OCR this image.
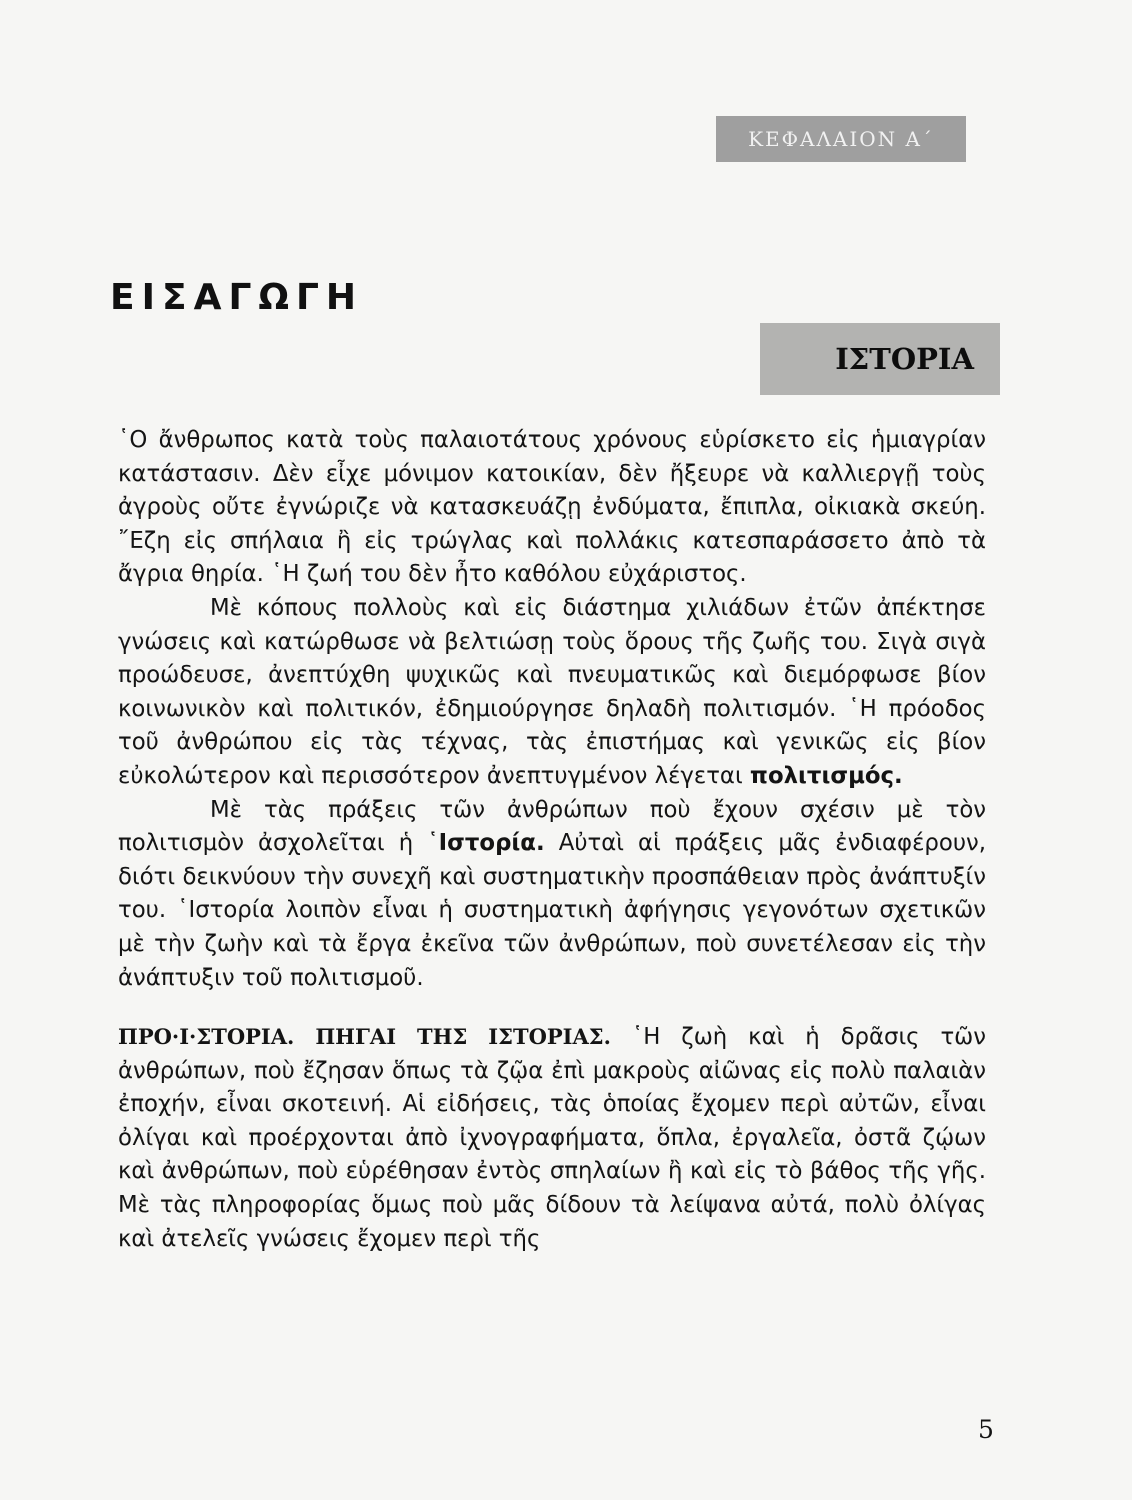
ΚΕΦΑΛΑΙΟΝ Α΄
ΕΙΣΑΓΩΓΗ
ΙΣΤΟΡΙΑ

῾Ο ἄνθρωπος κατὰ τοὺς παλαιοτάτους χρόνους εὑρίσκετο εἰς ἡμιαγρίαν κατάστασιν. Δὲν εἶχε μόνιμον κατοικίαν, δὲν ἤξευρε νὰ καλλιεργῇ τοὺς ἀγροὺς οὔτε ἐγνώριζε νὰ κατασκευάζῃ ἐνδύματα, ἔπιπλα, οἰκιακὰ σκεύη. ῎Εζη εἰς σπήλαια ἢ εἰς τρώγλας καὶ πολλάκις κατεσπαράσσετο ἀπὸ τὰ ἄγρια θηρία. ῾Η ζωή του δὲν ἦτο καθόλου εὐχάριστος.

Μὲ κόπους πολλοὺς καὶ εἰς διάστημα χιλιάδων ἐτῶν ἀπέκτησε γνώσεις καὶ κατώρθωσε νὰ βελτιώσῃ τοὺς ὅρους τῆς ζωῆς του. Σιγὰ σιγὰ προώδευσε, ἀνεπτύχθη ψυχικῶς καὶ πνευματικῶς καὶ διεμόρφωσε βίον κοινωνικὸν καὶ πολιτικόν, ἐδημιούργησε δηλαδὴ πολιτισμόν. ῾Η πρόοδος τοῦ ἀνθρώπου εἰς τὰς τέχνας, τὰς ἐπιστήμας καὶ γενικῶς εἰς βίον εὐκολώτερον καὶ περισσότερον ἀνεπτυγμένον λέγεται πολιτισμός.

Μὲ τὰς πράξεις τῶν ἀνθρώπων ποὺ ἔχουν σχέσιν μὲ τὸν πολιτισμὸν ἀσχολεῖται ἡ ῾Ιστορία. Αὐταὶ αἱ πράξεις μᾶς ἐνδιαφέρουν, διότι δεικνύουν τὴν συνεχῆ καὶ συστηματικὴν προσπάθειαν πρὸς ἀνάπτυξίν του. ῾Ιστορία λοιπὸν εἶναι ἡ συστηματικὴ ἀφήγησις γεγονότων σχετικῶν μὲ τὴν ζωὴν καὶ τὰ ἔργα ἐκεῖνα τῶν ἀνθρώπων, ποὺ συνετέλεσαν εἰς τὴν ἀνάπτυξιν τοῦ πολιτισμοῦ.

ΠΡΟ·Ι·ΣΤΟΡΙΑ. ΠΗΓΑΙ ΤΗΣ ΙΣΤΟΡΙΑΣ. ῾Η ζωὴ καὶ ἡ δρᾶσις τῶν ἀνθρώπων, ποὺ ἔζησαν ὅπως τὰ ζῷα ἐπὶ μακροὺς αἰῶνας εἰς πολὺ παλαιὰν ἐποχήν, εἶναι σκοτεινή. Αἱ εἰδήσεις, τὰς ὁποίας ἔχομεν περὶ αὐτῶν, εἶναι ὀλίγαι καὶ προέρχονται ἀπὸ ἰχνογραφήματα, ὅπλα, ἐργαλεῖα, ὀστᾶ ζῴων καὶ ἀνθρώπων, ποὺ εὑρέθησαν ἐντὸς σπηλαίων ἢ καὶ εἰς τὸ βάθος τῆς γῆς. Μὲ τὰς πληροφορίας ὅμως ποὺ μᾶς δίδουν τὰ λείψανα αὐτά, πολὺ ὀλίγας καὶ ἀτελεῖς γνώσεις ἔχομεν περὶ τῆς

5
